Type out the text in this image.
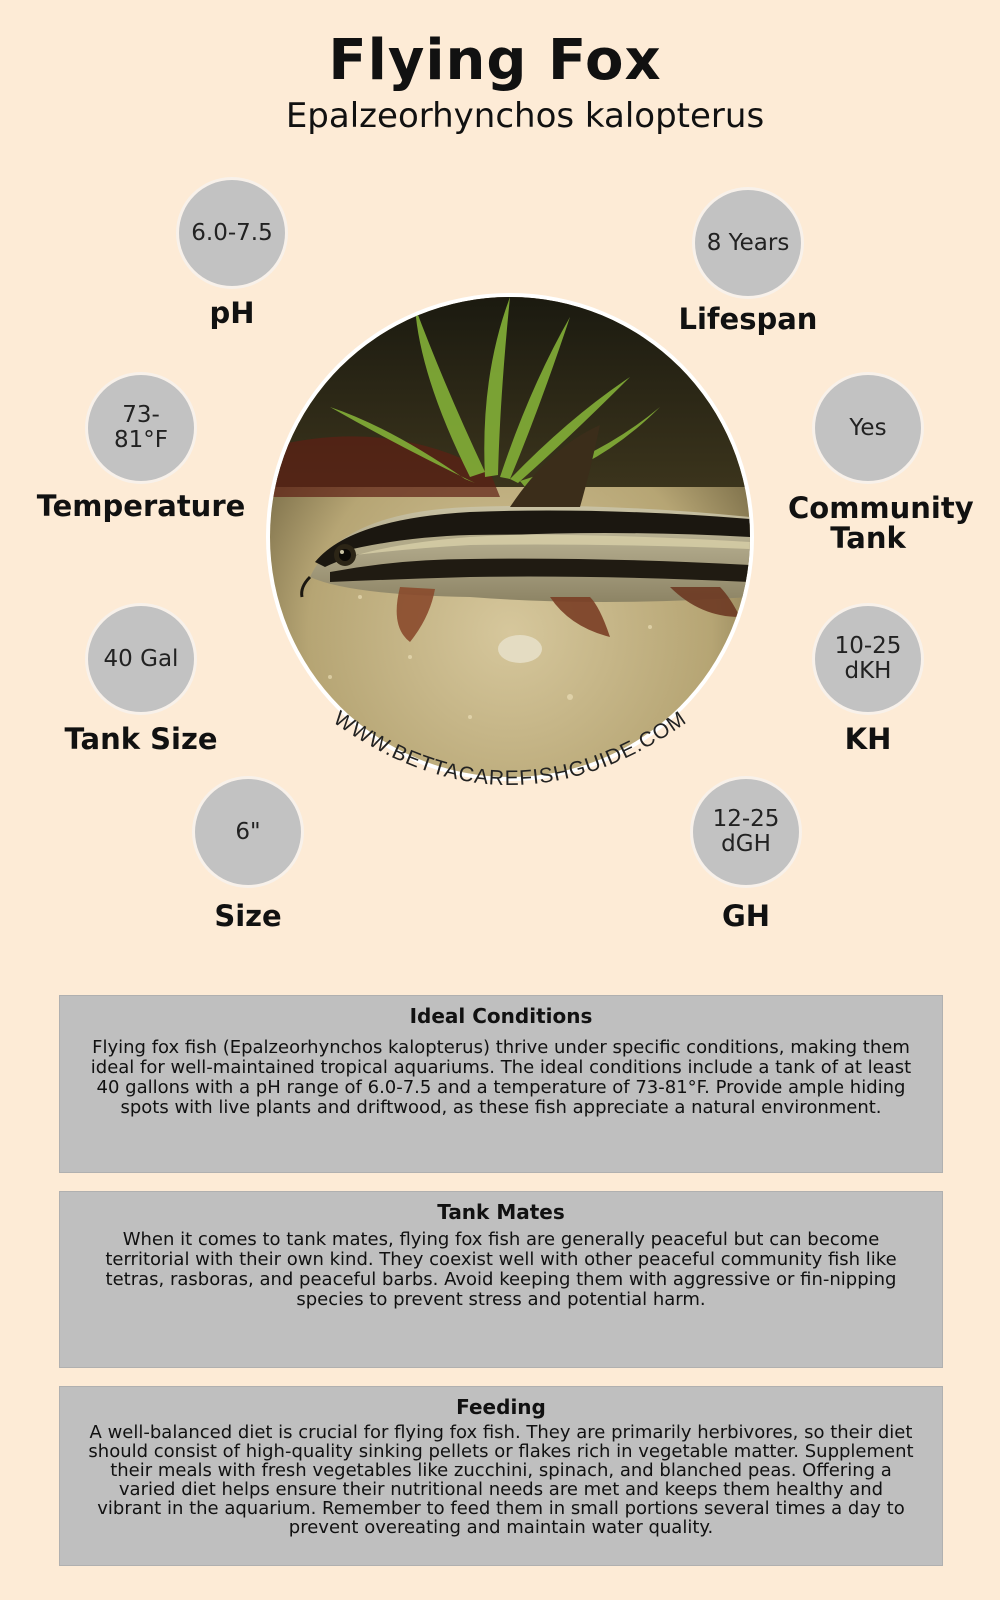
Flying Fox
Epalzeorhynchos kalopterus
6.0-7.5
pH
73-81°F
Temperature
40 Gal
Tank Size
6"
Size
8 Years
Lifespan
Yes
Community Tank
10-25 dKH
KH
12-25 dGH
GH
WWW.BETTACAREFISHGUIDE.COM
Ideal Conditions

Flying fox fish (Epalzeorhynchos kalopterus) thrive under specific conditions, making them ideal for well-maintained tropical aquariums. The ideal conditions include a tank of at least 40 gallons with a pH range of 6.0-7.5 and a temperature of 73-81°F. Provide ample hiding spots with live plants and driftwood, as these fish appreciate a natural environment.

Tank Mates

When it comes to tank mates, flying fox fish are generally peaceful but can become territorial with their own kind. They coexist well with other peaceful community fish like tetras, rasboras, and peaceful barbs. Avoid keeping them with aggressive or fin-nipping species to prevent stress and potential harm.

Feeding

A well-balanced diet is crucial for flying fox fish. They are primarily herbivores, so their diet should consist of high-quality sinking pellets or flakes rich in vegetable matter. Supplement their meals with fresh vegetables like zucchini, spinach, and blanched peas. Offering a varied diet helps ensure their nutritional needs are met and keeps them healthy and vibrant in the aquarium. Remember to feed them in small portions several times a day to prevent overeating and maintain water quality.
